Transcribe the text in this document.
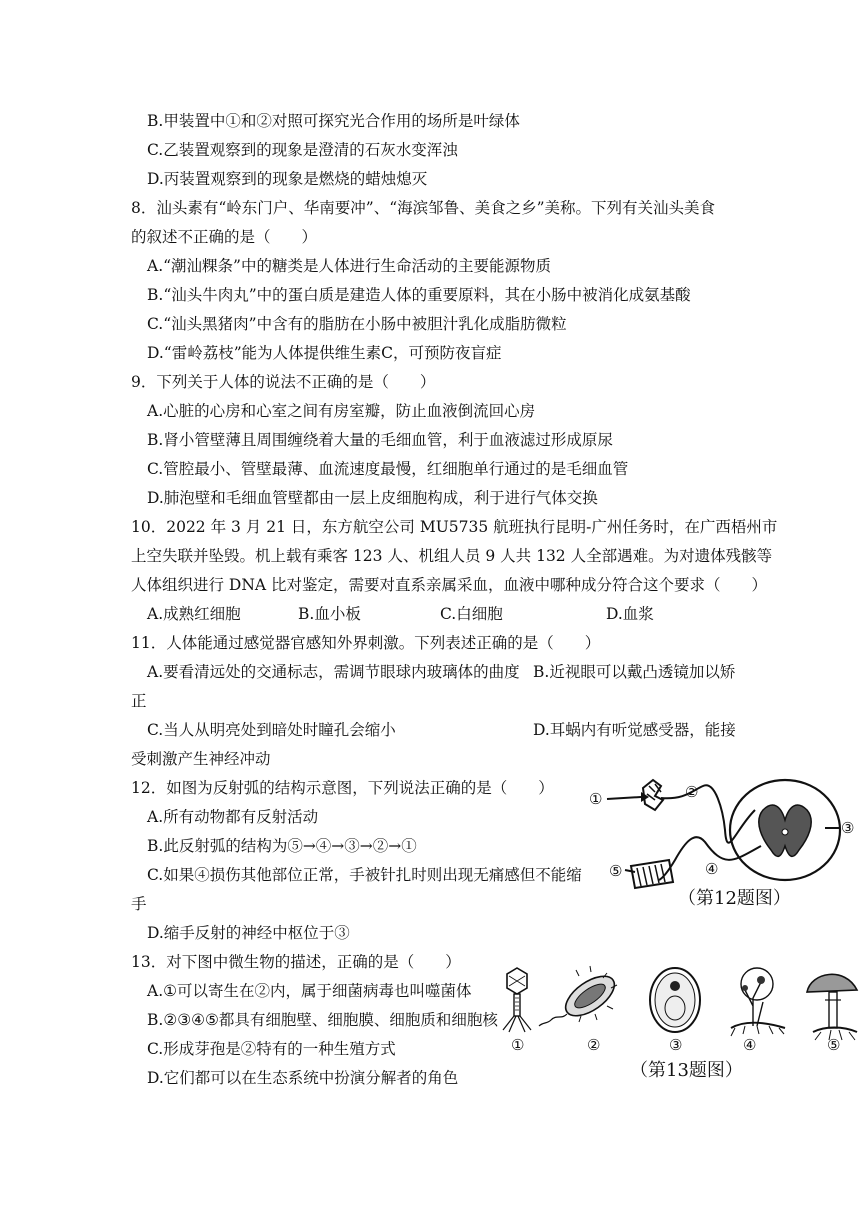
B.甲装置中①和②对照可探究光合作用的场所是叶绿体
C.乙装置观察到的现象是澄清的石灰水变浑浊
D.丙装置观察到的现象是燃烧的蜡烛熄灭
8．汕头素有“岭东门户、华南要冲”、“海滨邹鲁、美食之乡”美称。下列有关汕头美食
的叙述不正确的是（　　）
A.“潮汕粿条”中的糖类是人体进行生命活动的主要能源物质
B.“汕头牛肉丸”中的蛋白质是建造人体的重要原料，其在小肠中被消化成氨基酸
C.“汕头黑猪肉”中含有的脂肪在小肠中被胆汁乳化成脂肪微粒
D.“雷岭荔枝”能为人体提供维生素C，可预防夜盲症
9．下列关于人体的说法不正确的是（　　）
A.心脏的心房和心室之间有房室瓣，防止血液倒流回心房
B.肾小管壁薄且周围缠绕着大量的毛细血管，利于血液滤过形成原尿
C.管腔最小、管壁最薄、血流速度最慢，红细胞单行通过的是毛细血管
D.肺泡壁和毛细血管壁都由一层上皮细胞构成，利于进行气体交换
10．2022 年 3 月 21 日，东方航空公司 MU5735 航班执行昆明-广州任务时，在广西梧州市
上空失联并坠毁。机上载有乘客 123 人、机组人员 9 人共 132 人全部遇难。为对遗体残骸等
人体组织进行 DNA 比对鉴定，需要对直系亲属采血，血液中哪种成分符合这个要求（　　）
A.成熟红细胞	B.血小板	C.白细胞	D.血浆
11．人体能通过感觉器官感知外界刺激。下列表述正确的是（　　）
A.要看清远处的交通标志，需调节眼球内玻璃体的曲度 B.近视眼可以戴凸透镜加以矫
正
C.当人从明亮处到暗处时瞳孔会缩小	D.耳蜗内有听觉感受器，能接
受刺激产生神经冲动
12．如图为反射弧的结构示意图，下列说法正确的是（　　）
A.所有动物都有反射活动
B.此反射弧的结构为⑤→④→③→②→①
C.如果④损伤其他部位正常，手被针扎时则出现无痛感但不能缩
手
D.缩手反射的神经中枢位于③
①	②
③
④
⑤
（第12题图）
13．对下图中微生物的描述，正确的是（　　）
A.①可以寄生在②内，属于细菌病毒也叫噬菌体
B.②③④⑤都具有细胞壁、细胞膜、细胞质和细胞核
C.形成芽孢是②特有的一种生殖方式
D.它们都可以在生态系统中扮演分解者的角色
①	②	③	④	⑤
（第13题图）
